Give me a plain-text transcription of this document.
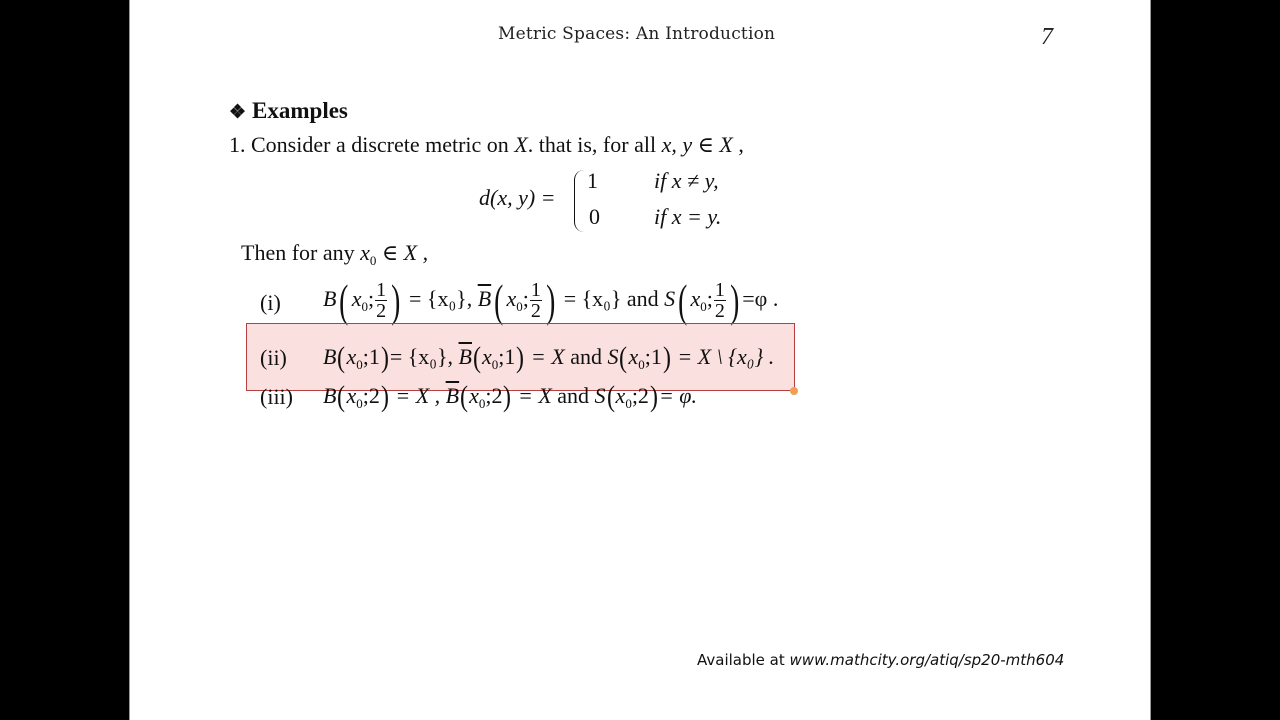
Metric Spaces: An Introduction	7
❖ Examples
1. Consider a discrete metric on X. that is, for all x, y ∈ X ,
d(x, y) =
1	if x ≠ y,
0 if x = y.
Then for any $x_0$ ∈ X ,
(i) B( $x_0$; $\frac{1}{2}$ ) = {x₀}, $\overline{B}$( $x_0$; $\frac{1}{2}$ ) = {x₀} and S( $x_0$; $\frac{1}{2}$ ) =φ .
(ii) $B(x_0;1)= \{x_0\}$, $\overline{B}(x_0;1) = X$ and $S(x_0;1) = X$ \ {x₀} .
(iii) $B(x_0;2) = X$ , $\overline{B}(x_0;2) = X$ and $S(x_0;2)= \varphi$.
Available at www.mathcity.org/atiq/sp20-mth604
